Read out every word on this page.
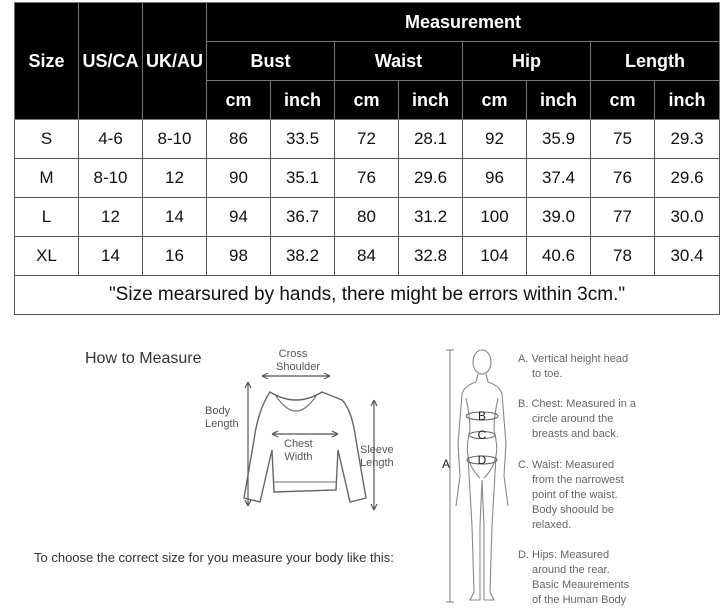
Size	US/CA	UK/AU	Measurement							
			Bust		Waist		Hip		Length	
			cm	inch	cm	inch	cm	inch	cm	inch
S	4-6	8-10	86	33.5	72	28.1	92	35.9	75	29.3
M	8-10	12	90	35.1	76	29.6	96	37.4	76	29.6
L	12	14	94	36.7	80	31.2	100	39.0	77	30.0
XL	14	16	98	38.2	84	32.8	104	40.6	78	30.4
"Size mearsured by hands, there might be errors within 3cm."										
How to Measure	Cross
Shoulder
Body
Length
Chest
Width
Sleeve
Length
To choose the correct size for you measure your body like this:
B
C
D
A
A. Vertical height head
to toe.
B. Chest: Measured in a
circle around the
breasts and back.
C. Waist: Measured
from the narrowest
point of the waist.
Body shoould be
relaxed.
D. Hips: Measured
around the rear.
Basic Meaurements
of the Human Body
